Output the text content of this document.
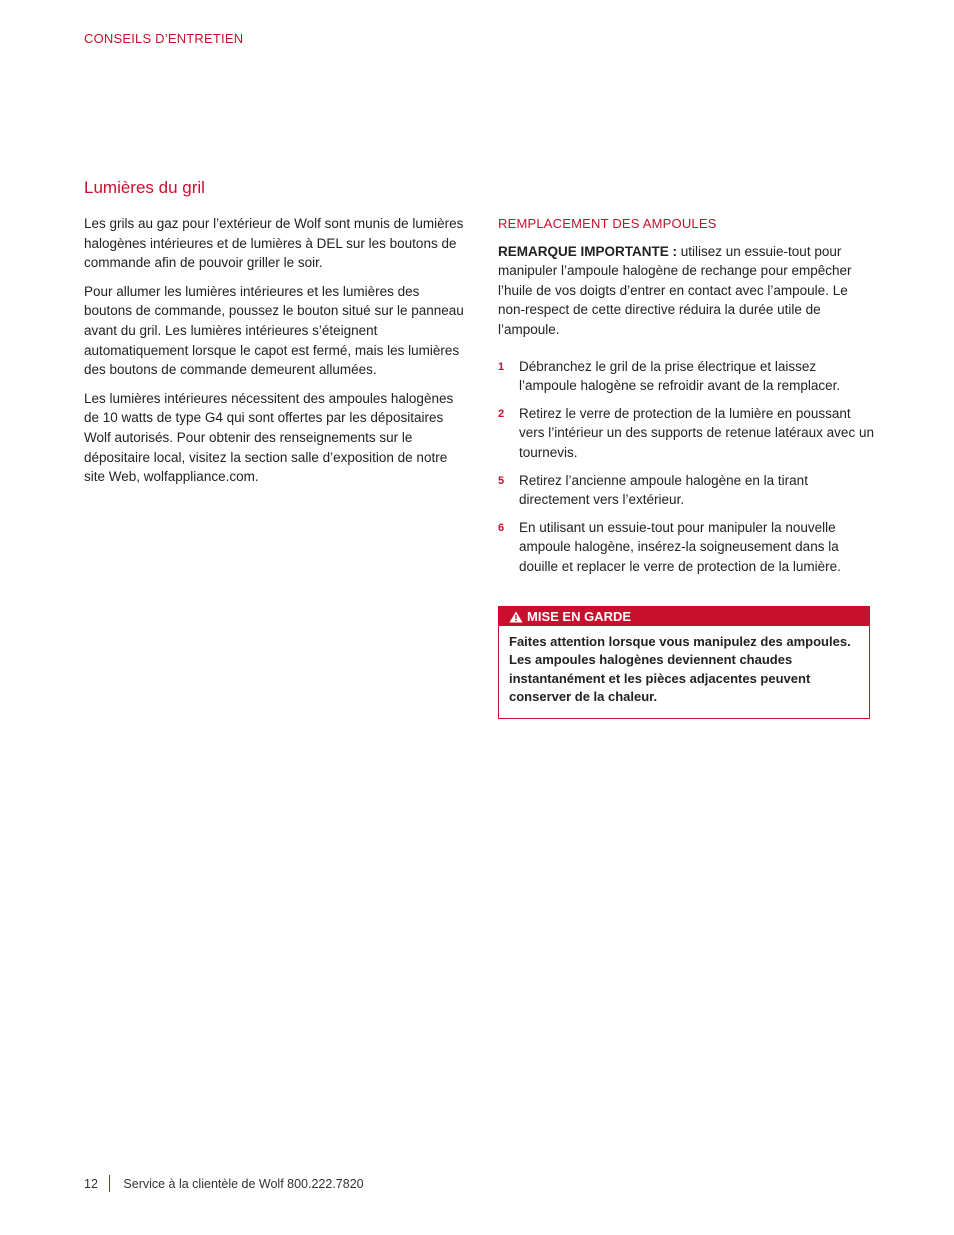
CONSEILS D’ENTRETIEN
Lumières du gril

Les grils au gaz pour l’extérieur de Wolf sont munis de lumières halogènes intérieures et de lumières à DEL sur les boutons de commande afin de pouvoir griller le soir.

Pour allumer les lumières intérieures et les lumières des boutons de commande, poussez le bouton situé sur le panneau avant du gril. Les lumières intérieures s’éteignent automatiquement lorsque le capot est fermé, mais les lumières des boutons de commande demeurent allumées.

Les lumières intérieures nécessitent des ampoules halogènes de 10 watts de type G4 qui sont offertes par les dépositaires Wolf autorisés. Pour obtenir des renseignements sur le dépositaire local, visitez la section salle d’exposition de notre site Web, wolfappliance.com.

REMPLACEMENT DES AMPOULES

REMARQUE IMPORTANTE : utilisez un essuie-tout pour manipuler l’ampoule halogène de rechange pour empêcher l’huile de vos doigts d’entrer en contact avec l’ampoule. Le non-respect de cette directive réduira la durée utile de l’ampoule.

1 Débranchez le gril de la prise électrique et laissez l’ampoule halogène se refroidir avant de la remplacer.
2 Retirez le verre de protection de la lumière en poussant vers l’intérieur un des supports de retenue latéraux avec un tournevis.
5 Retirez l’ancienne ampoule halogène en la tirant directement vers l’extérieur.
6 En utilisant un essuie-tout pour manipuler la nouvelle ampoule halogène, insérez-la soigneusement dans la douille et replacer le verre de protection de la lumière.
MISE EN GARDE
Faites attention lorsque vous manipulez des ampoules. Les ampoules halogènes deviennent chaudes instantanément et les pièces adjacentes peuvent conserver de la chaleur.
12 Service à la clientèle de Wolf 800.222.7820
